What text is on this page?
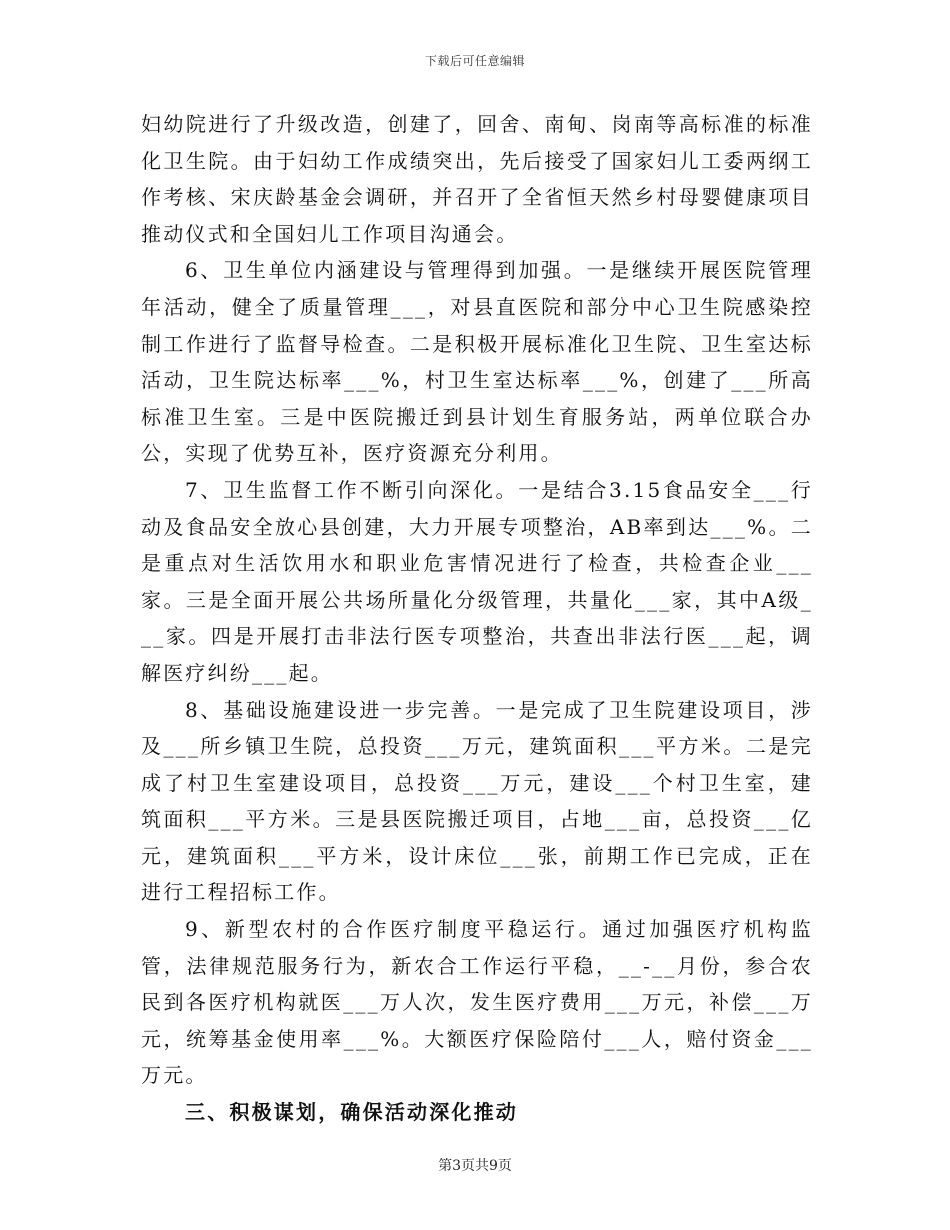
下载后可任意编辑

妇幼院进行了升级改造，创建了，回舍、南甸、岗南等高标准的标准化卫生院。由于妇幼工作成绩突出，先后接受了国家妇儿工委两纲工作考核、宋庆龄基金会调研，并召开了全省恒天然乡村母婴健康项目推动仪式和全国妇儿工作项目沟通会。

6、卫生单位内涵建设与管理得到加强。一是继续开展医院管理年活动，健全了质量管理___，对县直医院和部分中心卫生院感染控制工作进行了监督导检查。二是积极开展标准化卫生院、卫生室达标活动，卫生院达标率___%，村卫生室达标率___%，创建了___所高标准卫生室。三是中医院搬迁到县计划生育服务站，两单位联合办公，实现了优势互补，医疗资源充分利用。

7、卫生监督工作不断引向深化。一是结合3.15食品安全___行动及食品安全放心县创建，大力开展专项整治，AB率到达___%。二是重点对生活饮用水和职业危害情况进行了检查，共检查企业___家。三是全面开展公共场所量化分级管理，共量化___家，其中A级___家。四是开展打击非法行医专项整治，共查出非法行医___起，调解医疗纠纷___起。

8、基础设施建设进一步完善。一是完成了卫生院建设项目，涉及___所乡镇卫生院，总投资___万元，建筑面积___平方米。二是完成了村卫生室建设项目，总投资___万元，建设___个村卫生室，建筑面积___平方米。三是县医院搬迁项目，占地___亩，总投资___亿元，建筑面积___平方米，设计床位___张，前期工作已完成，正在进行工程招标工作。

9、新型农村的合作医疗制度平稳运行。通过加强医疗机构监管，法律规范服务行为，新农合工作运行平稳，__-__月份，参合农民到各医疗机构就医___万人次，发生医疗费用___万元，补偿___万元，统筹基金使用率___%。大额医疗保险陪付___人，赔付资金___万元。

三、积极谋划，确保活动深化推动

第3页共9页
